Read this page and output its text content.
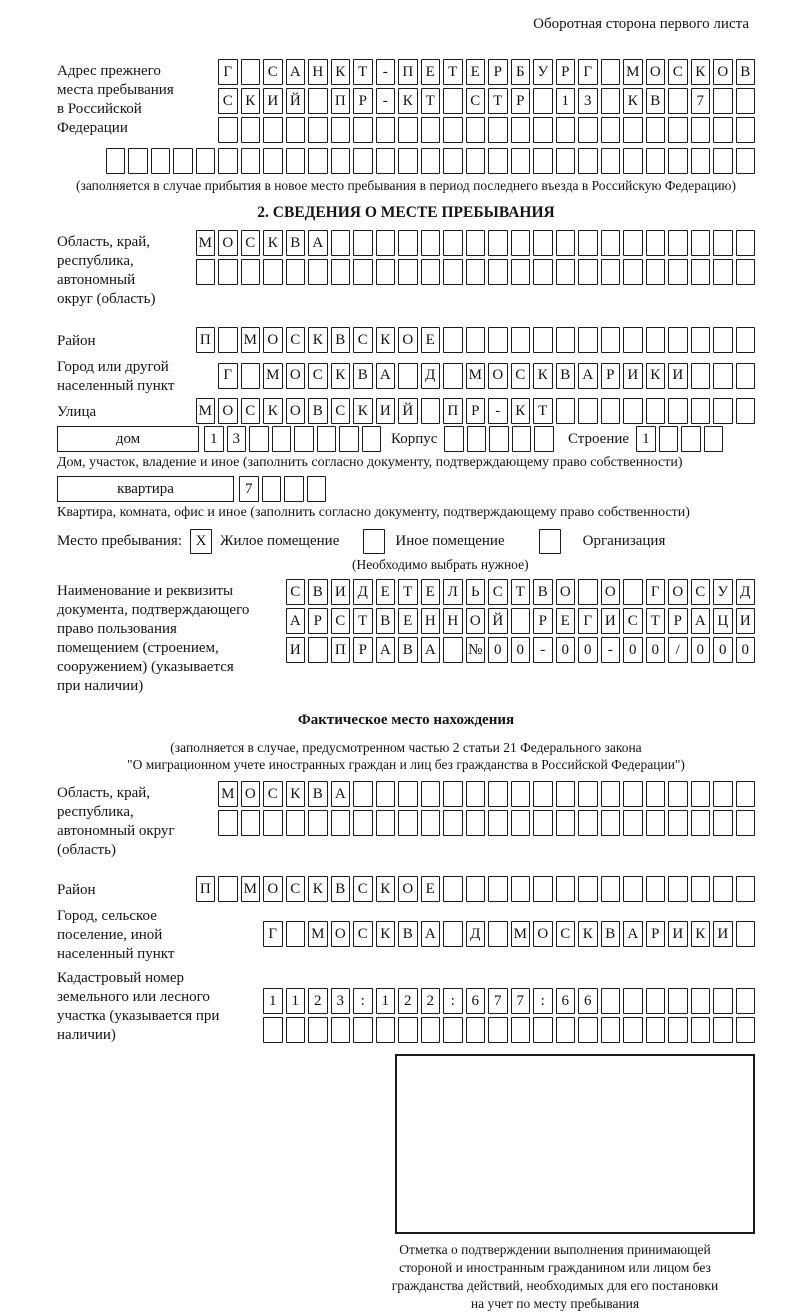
Оборотная сторона первого листа
Адрес прежнего места пребывания в Российской Федерации
Г С А Н К Т - П Е Т Е Р Б У Р Г М О С К О В
С К И Й П Р - К Т С Т Р 1 3 К В 7
(заполняется в случае прибытия в новое место пребывания в период последнего въезда в Российскую Федерацию)
2. СВЕДЕНИЯ О МЕСТЕ ПРЕБЫВАНИЯ
Область, край, республика, автономный округ (область)
М О С К В А
Район	П М О С К В С К О Е
Город или другой населенный пункт
Г М О С К В А Д М О С К В А Р И К И
Улица	М О С К О В С К И Й П Р - К Т
дом	1 3	Корпус	Строение 1
Дом, участок, владение и иное (заполнить согласно документу, подтверждающему право собственности)
квартира	7
Квартира, комната, офис и иное (заполнить согласно документу, подтверждающему право собственности)
Место пребывания: X Жилое помещение	Иное помещение	Организация
(Необходимо выбрать нужное)
Наименование и реквизиты документа, подтверждающего право пользования помещением (строением, сооружением) (указывается при наличии)
С В И Д Е Т Е Л Ь С Т В О О Г О С У Д
А Р С Т В Е Н Н О Й Р Е Г И С Т Р А Ц И
И П Р А В А № 0 0 - 0 0 - 0 0 / 0 0 0
Фактическое место нахождения
(заполняется в случае, предусмотренном частью 2 статьи 21 Федерального закона
"О миграционном учете иностранных граждан и лиц без гражданства в Российской Федерации")
Область, край, республика, автономный округ (область)
М О С К В А
Район	П М О С К В С К О Е
Город, сельское поселение, иной населенный пункт
Г М О С К В А Д М О С К В А Р И К И
Кадастровый номер земельного или лесного участка (указывается при наличии)
1 1 2 3 : 1 2 2 : 6 7 7 : 6 6
Отметка о подтверждении выполнения принимающей
стороной и иностранным гражданином или лицом без
гражданства действий, необходимых для его постановки
на учет по месту пребывания
